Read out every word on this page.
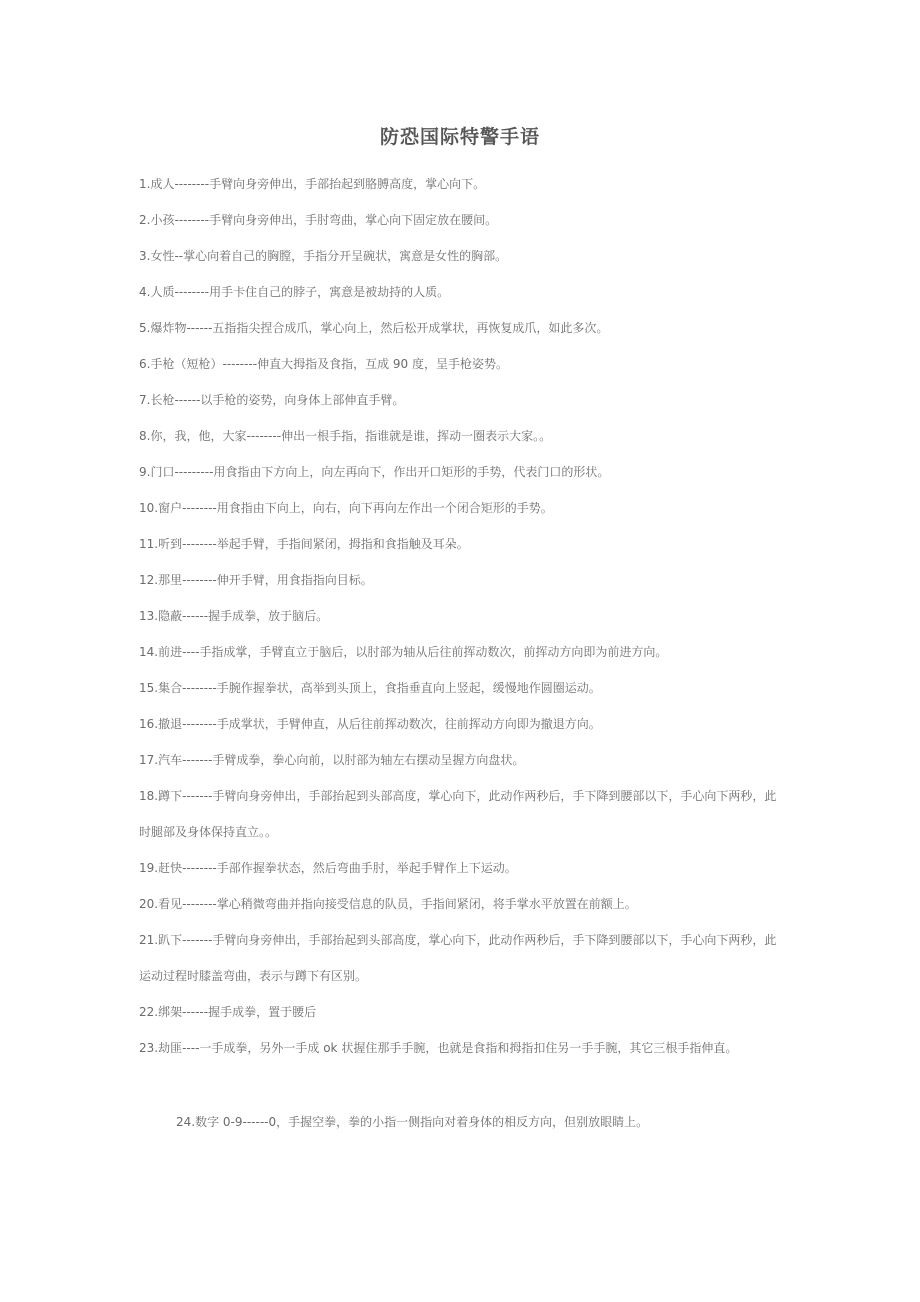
防恐国际特警手语
1.成人--------手臂向身旁伸出，手部抬起到胳膊高度，掌心向下。
2.小孩--------手臂向身旁伸出，手肘弯曲，掌心向下固定放在腰间。
3.女性--掌心向着自己的胸膛，手指分开呈碗状，寓意是女性的胸部。
4.人质--------用手卡住自己的脖子，寓意是被劫持的人质。
5.爆炸物------五指指尖捏合成爪，掌心向上，然后松开成掌状，再恢复成爪，如此多次。
6.手枪（短枪）--------伸直大拇指及食指，互成 90 度，呈手枪姿势。
7.长枪------以手枪的姿势，向身体上部伸直手臂。
8.你，我，他，大家--------伸出一根手指，指谁就是谁，挥动一圈表示大家。。
9.门口---------用食指由下方向上，向左再向下，作出开口矩形的手势，代表门口的形状。
10.窗户--------用食指由下向上，向右，向下再向左作出一个闭合矩形的手势。
11.听到--------举起手臂，手指间紧闭，拇指和食指触及耳朵。
12.那里--------伸开手臂，用食指指向目标。
13.隐蔽------握手成拳，放于脑后。
14.前进----手指成掌，手臂直立于脑后，以肘部为轴从后往前挥动数次，前挥动方向即为前进方向。
15.集合--------手腕作握拳状，高举到头顶上，食指垂直向上竖起，缓慢地作圆圈运动。
16.撤退--------手成掌状，手臂伸直，从后往前挥动数次，往前挥动方向即为撤退方向。
17.汽车-------手臂成拳，拳心向前，以肘部为轴左右摆动呈握方向盘状。
18.蹲下-------手臂向身旁伸出，手部抬起到头部高度，掌心向下，此动作两秒后，手下降到腰部以下，手心向下两秒，此时腿部及身体保持直立。。
19.赶快--------手部作握拳状态，然后弯曲手肘，举起手臂作上下运动。
20.看见--------掌心稍微弯曲并指向接受信息的队员，手指间紧闭，将手掌水平放置在前额上。
21.趴下-------手臂向身旁伸出，手部抬起到头部高度，掌心向下，此动作两秒后，手下降到腰部以下，手心向下两秒，此运动过程时膝盖弯曲，表示与蹲下有区别。
22.绑架------握手成拳，置于腰后
23.劫匪----一手成拳，另外一手成 ok 状握住那手手腕，也就是食指和拇指扣住另一手手腕，其它三根手指伸直。
24.数字 0-9------0，手握空拳，拳的小指一侧指向对着身体的相反方向，但别放眼睛上。
